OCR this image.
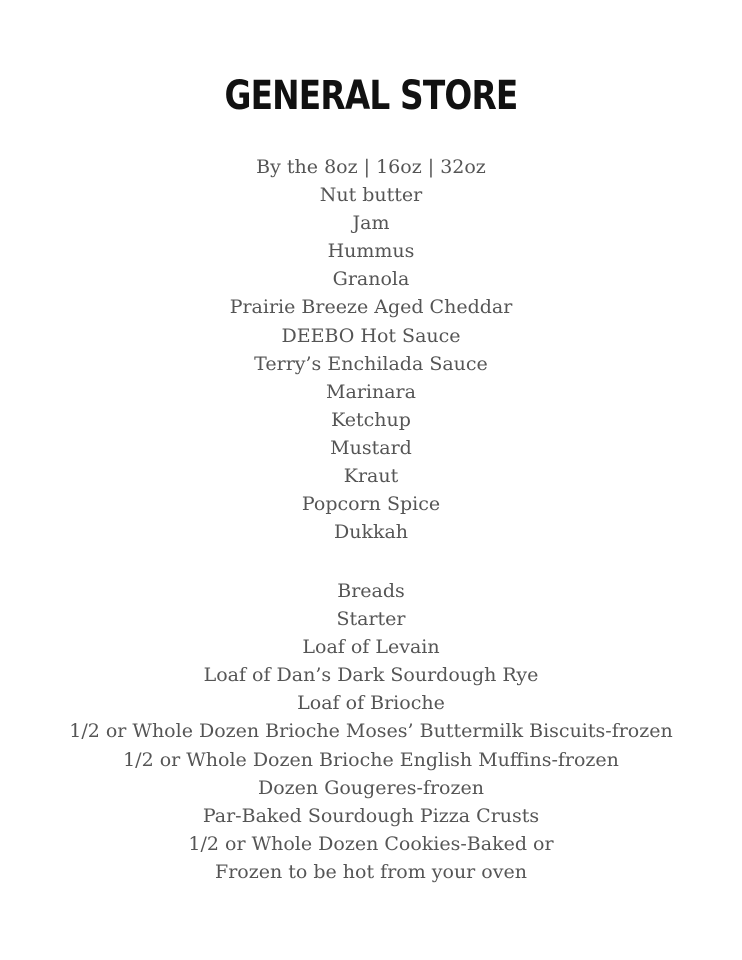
GENERAL STORE
By the 8oz | 16oz | 32oz
Nut butter
Jam
Hummus
Granola
Prairie Breeze Aged Cheddar
DEEBO Hot Sauce
Terry’s Enchilada Sauce
Marinara
Ketchup
Mustard
Kraut
Popcorn Spice
Dukkah
Breads
Starter
Loaf of Levain
Loaf of Dan’s Dark Sourdough Rye
Loaf of Brioche
1/2 or Whole Dozen Brioche Moses’ Buttermilk Biscuits-frozen
1/2 or Whole Dozen Brioche English Muffins-frozen
Dozen Gougeres-frozen
Par-Baked Sourdough Pizza Crusts
1/2 or Whole Dozen Cookies-Baked or
Frozen to be hot from your oven
